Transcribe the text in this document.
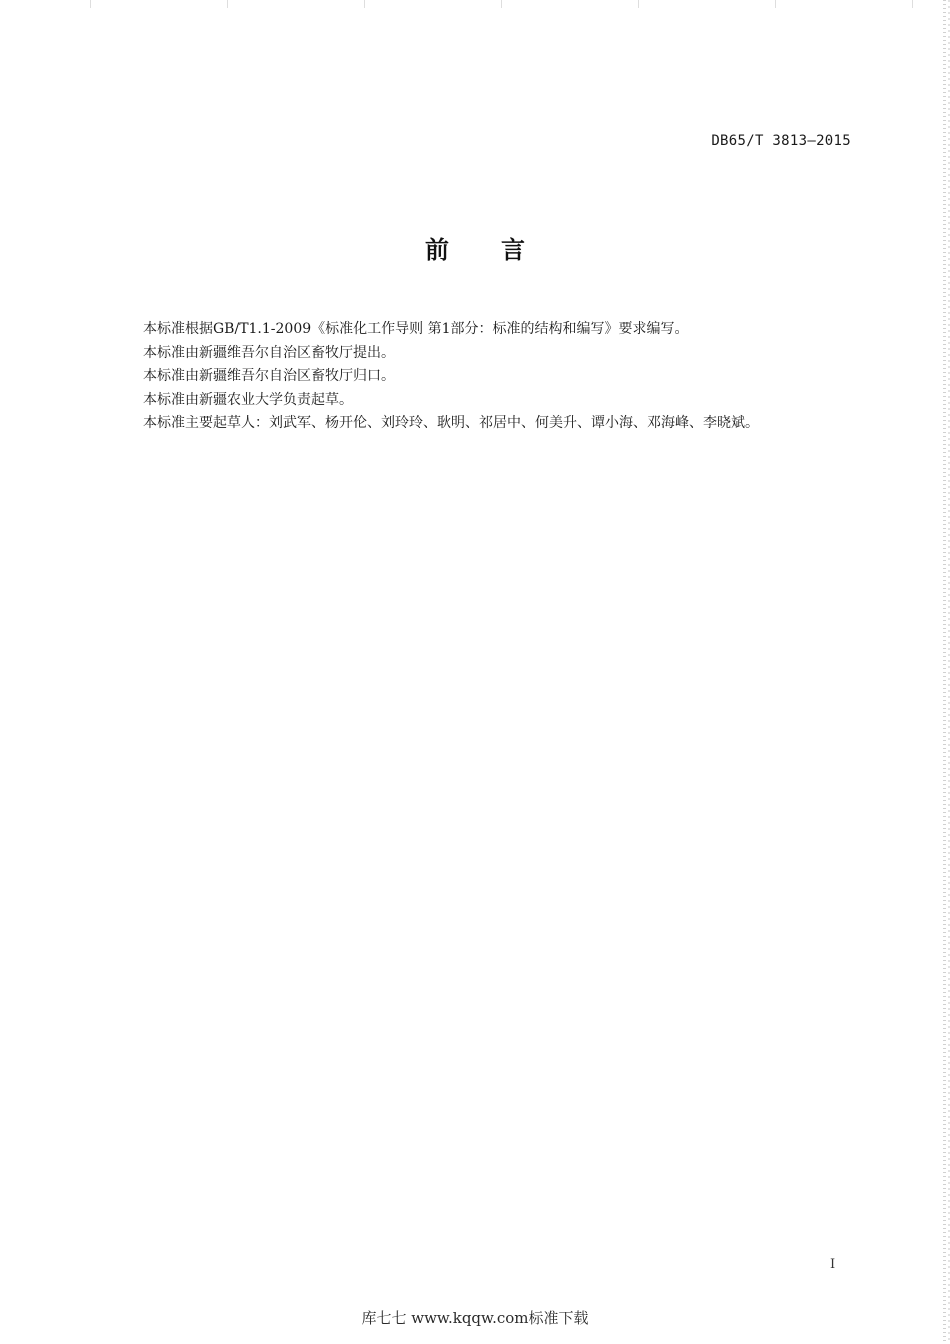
DB65/T 3813—2015
前言

本标准根据GB/T1.1-2009《标准化工作导则 第1部分：标准的结构和编写》要求编写。

本标准由新疆维吾尔自治区畜牧厅提出。

本标准由新疆维吾尔自治区畜牧厅归口。

本标准由新疆农业大学负责起草。

本标准主要起草人：刘武军、杨开伦、刘玲玲、耿明、祁居中、何美升、谭小海、邓海峰、李晓斌。

I
库七七 www.kqqw.com标准下载
